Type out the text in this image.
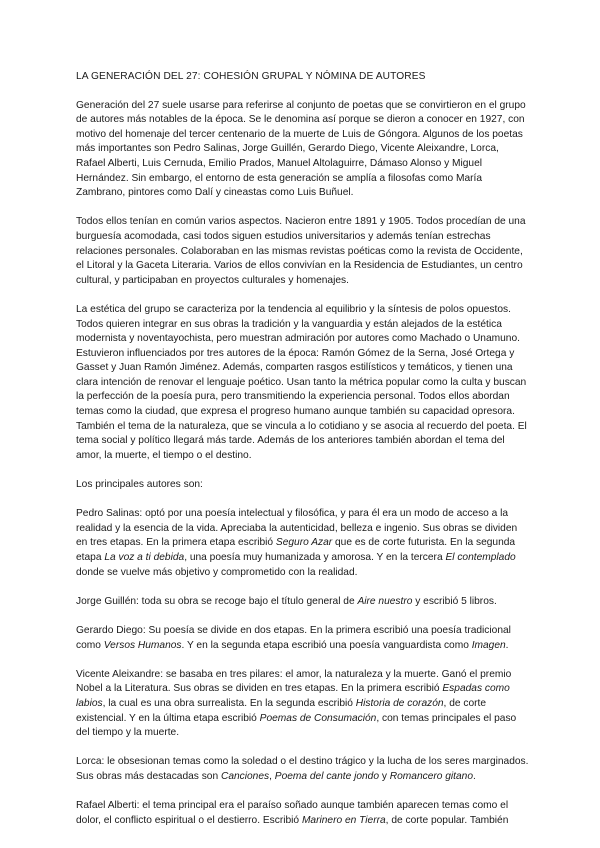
LA GENERACIÓN DEL 27: COHESIÓN GRUPAL Y NÓMINA DE AUTORES

Generación del 27 suele usarse para referirse al conjunto de poetas que se convirtieron en el grupo de autores más notables de la época. Se le denomina así porque se dieron a conocer en 1927, con motivo del homenaje del tercer centenario de la muerte de Luis de Góngora. Algunos de los poetas más importantes son Pedro Salinas, Jorge Guillén, Gerardo Diego, Vicente Aleixandre, Lorca, Rafael Alberti, Luis Cernuda, Emilio Prados, Manuel Altolaguirre, Dámaso Alonso y Miguel Hernández. Sin embargo, el entorno de esta generación se amplía a filosofas como María Zambrano, pintores como Dalí y cineastas como Luis Buñuel.

Todos ellos tenían en común varios aspectos. Nacieron entre 1891 y 1905. Todos procedían de una burguesía acomodada, casi todos siguen estudios universitarios y además tenían estrechas relaciones personales. Colaboraban en las mismas revistas poéticas como la revista de Occidente, el Litoral y la Gaceta Literaria. Varios de ellos convivían en la Residencia de Estudiantes, un centro cultural, y participaban en proyectos culturales y homenajes.

La estética del grupo se caracteriza por la tendencia al equilibrio y la síntesis de polos opuestos. Todos quieren integrar en sus obras la tradición y la vanguardia y están alejados de la estética modernista y noventayochista, pero muestran admiración por autores como Machado o Unamuno. Estuvieron influenciados por tres autores de la época: Ramón Gómez de la Serna, José Ortega y Gasset y Juan Ramón Jiménez. Además, comparten rasgos estilísticos y temáticos, y tienen una clara intención de renovar el lenguaje poético. Usan tanto la métrica popular como la culta y buscan la perfección de la poesía pura, pero transmitiendo la experiencia personal. Todos ellos abordan temas como la ciudad, que expresa el progreso humano aunque también su capacidad opresora. También el tema de la naturaleza, que se vincula a lo cotidiano y se asocia al recuerdo del poeta. El tema social y político llegará más tarde. Además de los anteriores también abordan el tema del amor, la muerte, el tiempo o el destino.

Los principales autores son:

Pedro Salinas: optó por una poesía intelectual y filosófica, y para él era un modo de acceso a la realidad y la esencia de la vida. Apreciaba la autenticidad, belleza e ingenio. Sus obras se dividen en tres etapas. En la primera etapa escribió Seguro Azar que es de corte futurista. En la segunda etapa La voz a ti debida, una poesía muy humanizada y amorosa. Y en la tercera El contemplado donde se vuelve más objetivo y comprometido con la realidad.

Jorge Guillén: toda su obra se recoge bajo el título general de Aire nuestro y escribió 5 libros.

Gerardo Diego: Su poesía se divide en dos etapas. En la primera escribió una poesía tradicional como Versos Humanos. Y en la segunda etapa escribió una poesía vanguardista como Imagen.

Vicente Aleixandre: se basaba en tres pilares: el amor, la naturaleza y la muerte. Ganó el premio Nobel a la Literatura. Sus obras se dividen en tres etapas. En la primera escribió Espadas como labios, la cual es una obra surrealista. En la segunda escribió Historia de corazón, de corte existencial. Y en la última etapa escribió Poemas de Consumación, con temas principales el paso del tiempo y la muerte.

Lorca: le obsesionan temas como la soledad o el destino trágico y la lucha de los seres marginados. Sus obras más destacadas son Canciones, Poema del cante jondo y Romancero gitano.

Rafael Alberti: el tema principal era el paraíso soñado aunque también aparecen temas como el dolor, el conflicto espiritual o el destierro. Escribió Marinero en Tierra, de corte popular. También
